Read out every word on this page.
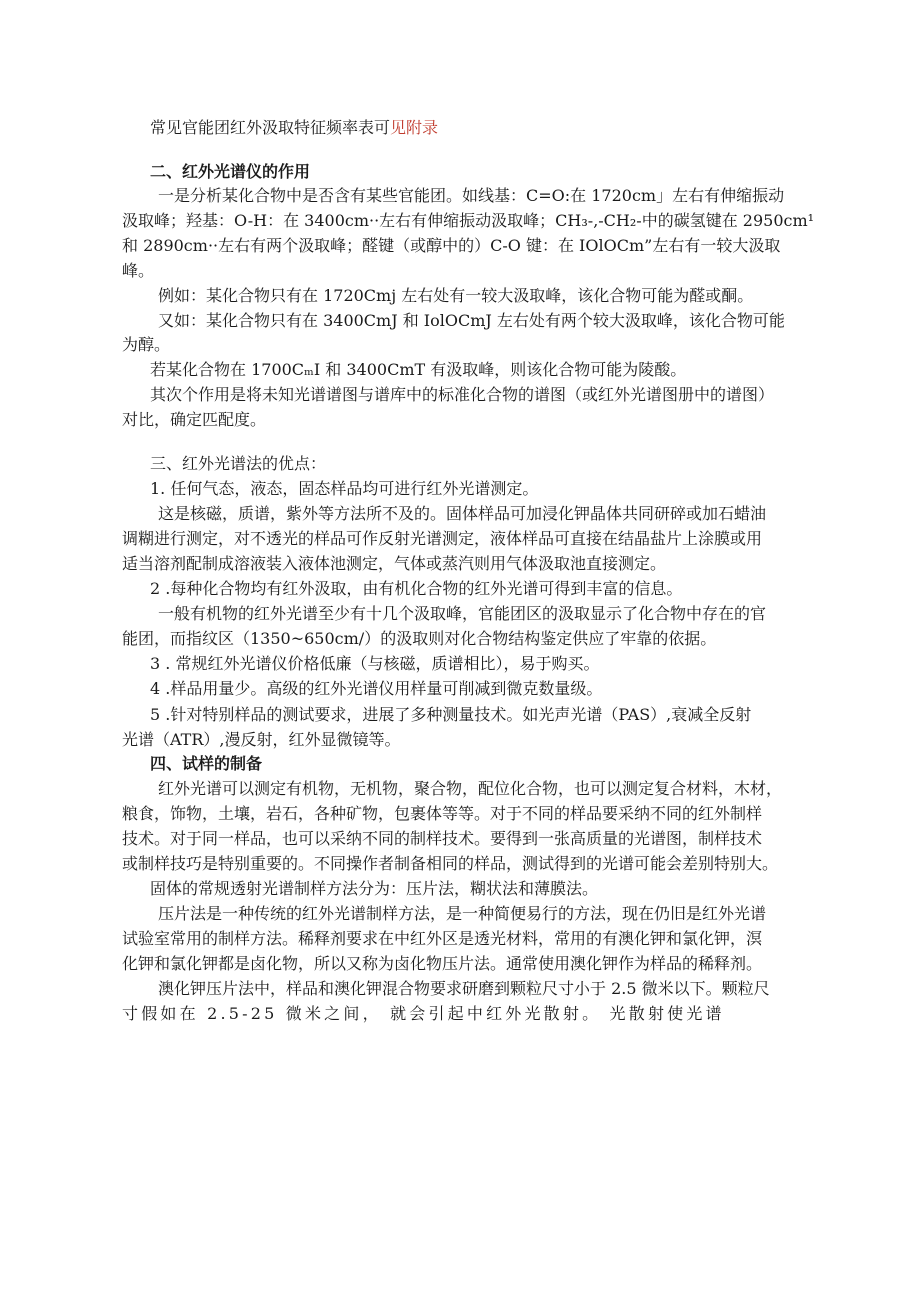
常见官能团红外汲取特征频率表可见附录
二、红外光谱仪的作用
一是分析某化合物中是否含有某些官能团。如线基：C=O:在 1720cm」左右有伸缩振动
汲取峰；羟基：O-H：在 3400cm··左右有伸缩振动汲取峰；CH₃-,-CH₂-中的碳氢键在 2950cm¹
和 2890cm··左右有两个汲取峰；醛键（或醇中的）C-O 键：在 IOlOCm”左右有一较大汲取
峰。
例如：某化合物只有在 1720Cmj 左右处有一较大汲取峰，该化合物可能为醛或酮。
又如：某化合物只有在 3400CmJ 和 IolOCmJ 左右处有两个较大汲取峰，该化合物可能
为醇。
若某化合物在 1700CₘI 和 3400CmT 有汲取峰，则该化合物可能为陵酸。
其次个作用是将未知光谱谱图与谱库中的标准化合物的谱图（或红外光谱图册中的谱图）
对比，确定匹配度。
三、红外光谱法的优点：
1. 任何气态，液态，固态样品均可进行红外光谱测定。
这是核磁，质谱，紫外等方法所不及的。固体样品可加浸化钾晶体共同研碎或加石蜡油
调糊进行测定，对不透光的样品可作反射光谱测定，液体样品可直接在结晶盐片上涂膜或用
适当溶剂配制成溶液装入液体池测定，气体或蒸汽则用气体汲取池直接测定。
2 .每种化合物均有红外汲取，由有机化合物的红外光谱可得到丰富的信息。
一般有机物的红外光谱至少有十几个汲取峰，官能团区的汲取显示了化合物中存在的官
能团，而指纹区（1350~650cm/）的汲取则对化合物结构鉴定供应了牢靠的依据。
3 . 常规红外光谱仪价格低廉（与核磁，质谱相比），易于购买。
4 .样品用量少。高级的红外光谱仪用样量可削减到微克数量级。
5 .针对特别样品的测试要求，进展了多种测量技术。如光声光谱（PAS）,衰减全反射
光谱（ATR）,漫反射，红外显微镜等。
四、试样的制备
红外光谱可以测定有机物，无机物，聚合物，配位化合物，也可以测定复合材料，木材，
粮食，饰物，土壤，岩石，各种矿物，包裹体等等。对于不同的样品要采纳不同的红外制样
技术。对于同一样品，也可以采纳不同的制样技术。要得到一张高质量的光谱图，制样技术
或制样技巧是特别重要的。不同操作者制备相同的样品，测试得到的光谱可能会差别特别大。
固体的常规透射光谱制样方法分为：压片法，糊状法和薄膜法。
压片法是一种传统的红外光谱制样方法，是一种简便易行的方法，现在仍旧是红外光谱
试验室常用的制样方法。稀释剂要求在中红外区是透光材料，常用的有澳化钾和氯化钾，溟
化钾和氯化钾都是卤化物，所以又称为卤化物压片法。通常使用澳化钾作为样品的稀释剂。
澳化钾压片法中，样品和澳化钾混合物要求研磨到颗粒尺寸小于 2.5 微米以下。颗粒尺
寸假如在 2.5-25 微米之间， 就会引起中红外光散射。 光散射使光谱
